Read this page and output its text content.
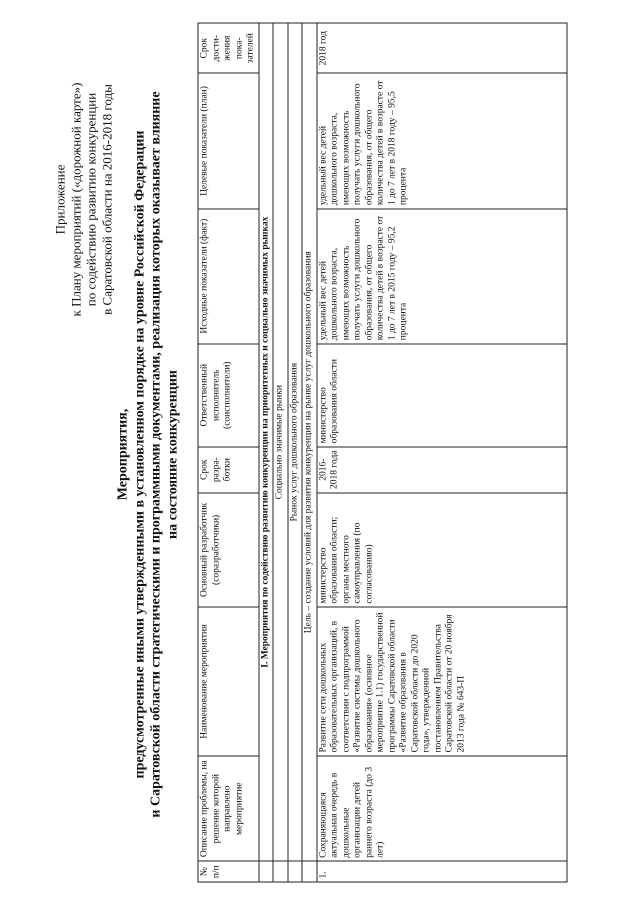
Приложение к Плану мероприятий («дорожной карте») по содействию развитию конкуренции в Саратовской области на 2016-2018 годы
Мероприятия, предусмотренные иными утвержденными в установленном порядке на уровне Российской Федерации и Саратовской области стратегическими и программными документами, реализация которых оказывает влияние на состояние конкуренции
№ п/п	Описание проблемы, на решение которой направлено мероприятие	Наименование мероприятия	Основный разработчик (соразработчики)	Срок разра-ботки	Ответственный исполнитель (соисполнители)	Исходные показатели (факт)	Целевые показатели (план)	Срок дости-жения пока-зателей
	I. Мероприятия по содействию развитию конкуренции на приоритетных и социально значимых рынках							
	Социально значимые рынки							
	Рынок услуг дошкольного образования							
	Цель – создание условий для развития конкуренции на рынке услуг дошкольного образования							
1.	Сохраняющаяся актуальная очередь в дошкольные организации детей раннего возраста (до 3 лет)	Развитие сети дошкольных образовательных организаций, в соответствии с подпрограммой «Развитие системы дошкольного образования» (основное мероприятие 1.1) государственной программы Саратовской области «Развитие образования в Саратовской области до 2020 года», утвержденной постановлением Правительства Саратовской области от 20 ноября 2013 года № 643-П	министерство образования области; органы местного самоуправления (по согласованию)	2016-2018 года	министерство образования области	удельный вес детей дошкольного возраста, имеющих возможность получать услуги дошкольного образования, от общего количества детей в возрасте от 1 до 7 лет в 2015 году – 95,2 процента	удельный вес детей дошкольного возраста, имеющих возможность получать услуги дошкольного образования, от общего количества детей в возрасте от 1 до 7 лет в 2018 году – 95,5 процента	2018 год
